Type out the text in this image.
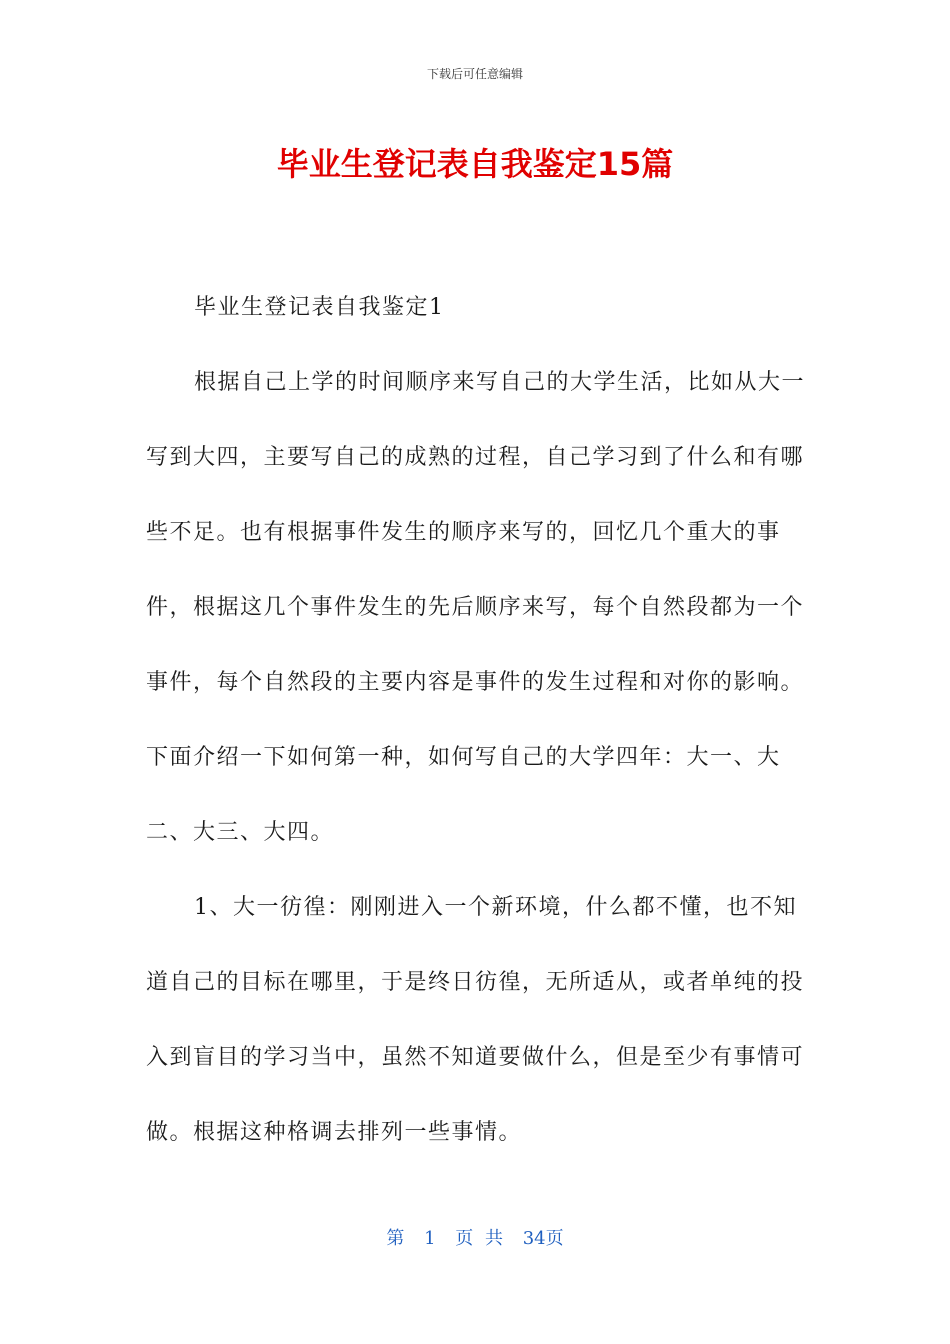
下载后可任意编辑
毕业生登记表自我鉴定15篇

毕业生登记表自我鉴定1

根据自己上学的时间顺序来写自己的大学生活，比如从大一写到大四，主要写自己的成熟的过程，自己学习到了什么和有哪些不足。也有根据事件发生的顺序来写的，回忆几个重大的事件，根据这几个事件发生的先后顺序来写，每个自然段都为一个事件，每个自然段的主要内容是事件的发生过程和对你的影响。下面介绍一下如何第一种，如何写自己的大学四年：大一、大二、大三、大四。

1、大一彷徨：刚刚进入一个新环境，什么都不懂，也不知道自己的目标在哪里，于是终日彷徨，无所适从，或者单纯的投入到盲目的学习当中，虽然不知道要做什么，但是至少有事情可做。根据这种格调去排列一些事情。

第 1 页 共 34页
